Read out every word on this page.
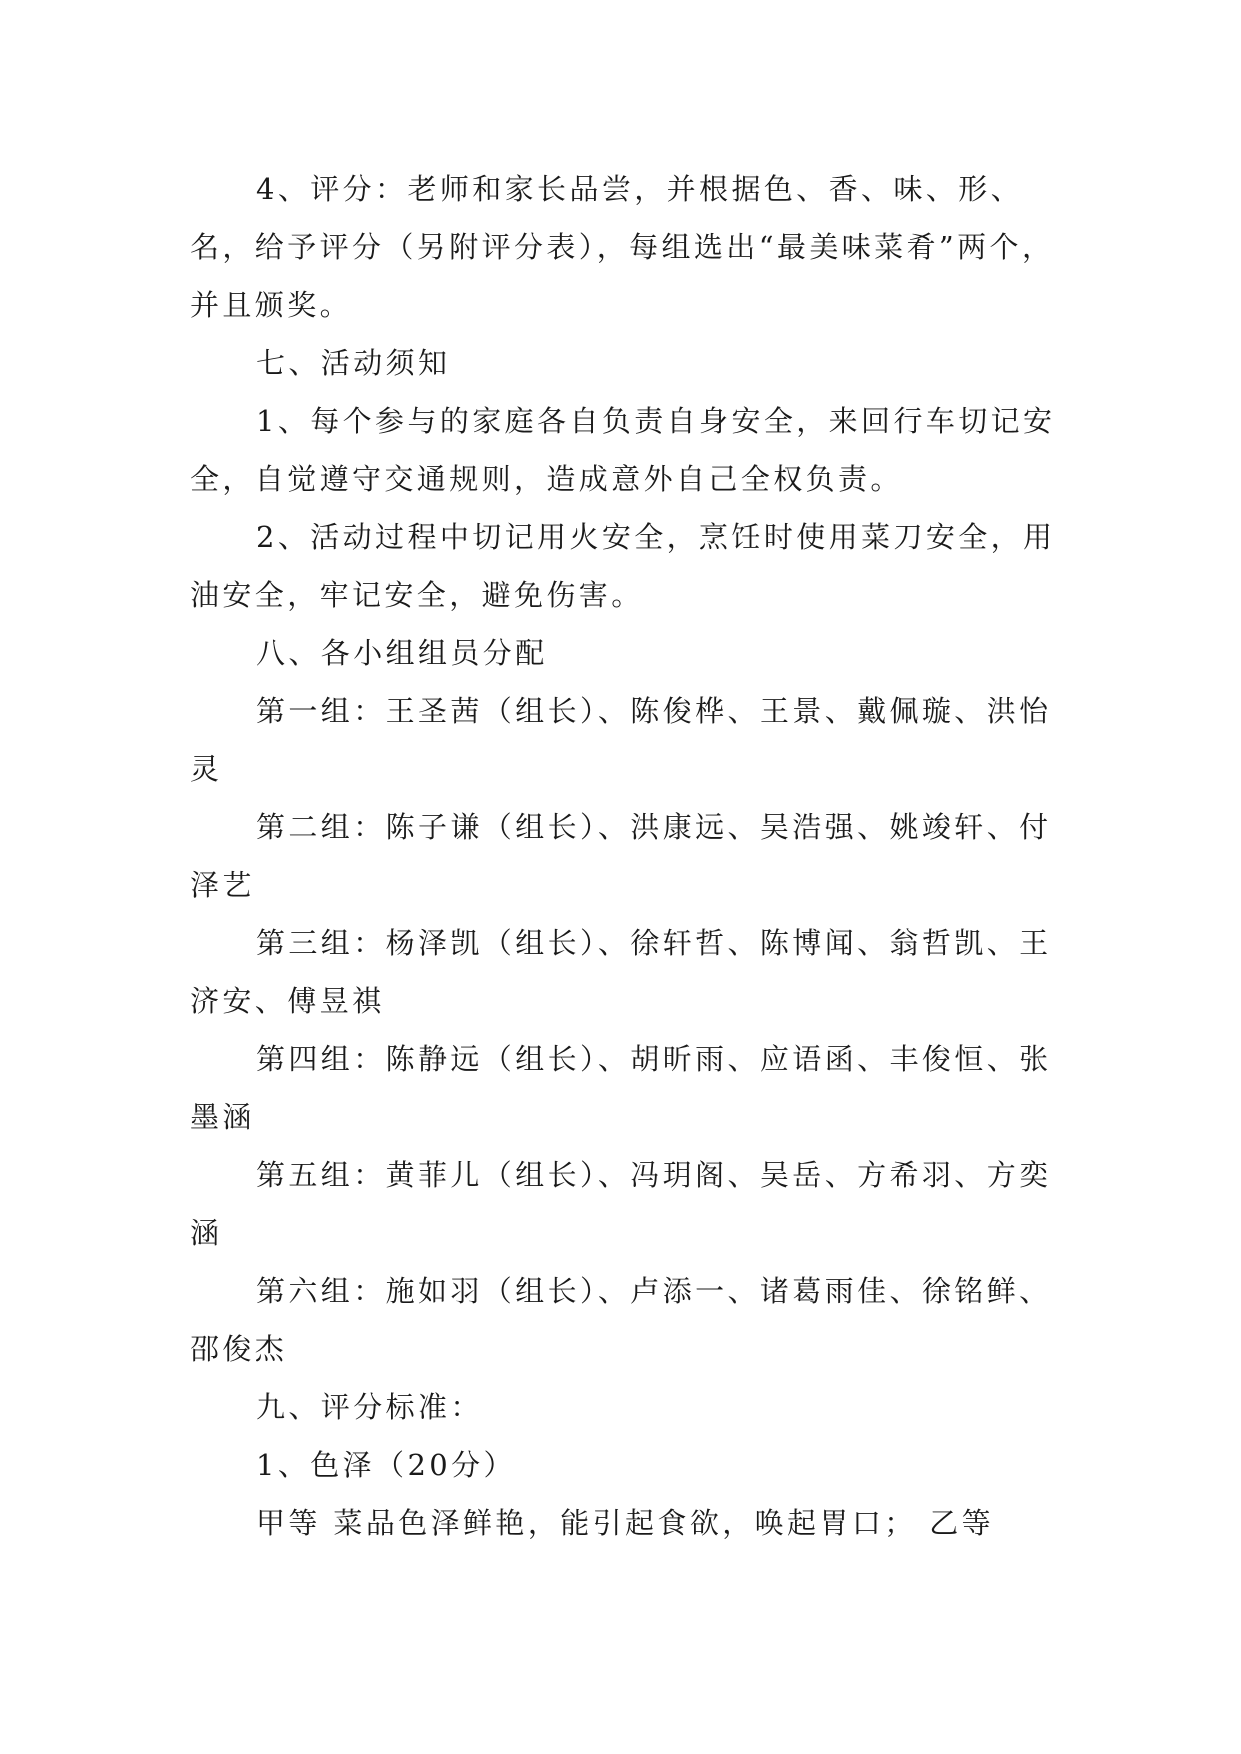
4、评分：老师和家长品尝，并根据色、香、味、形、名，给予评分（另附评分表），每组选出“最美味菜肴”两个，并且颁奖。

七、活动须知

1、每个参与的家庭各自负责自身安全，来回行车切记安全，自觉遵守交通规则，造成意外自己全权负责。

2、活动过程中切记用火安全，烹饪时使用菜刀安全，用油安全，牢记安全，避免伤害。

八、各小组组员分配

第一组：王圣茜（组长）、陈俊桦、王景、戴佩璇、洪怡灵

第二组：陈子谦（组长）、洪康远、吴浩强、姚竣轩、付泽艺

第三组：杨泽凯（组长）、徐轩哲、陈博闻、翁哲凯、王济安、傅昱祺

第四组：陈静远（组长）、胡昕雨、应语函、丰俊恒、张墨涵

第五组：黄菲儿（组长）、冯玥阁、吴岳、方希羽、方奕涵

第六组：施如羽（组长）、卢添一、诸葛雨佳、徐铭鲜、邵俊杰

九、评分标准：

1、色泽（20分）

甲等 菜品色泽鲜艳，能引起食欲，唤起胃口； 乙等
